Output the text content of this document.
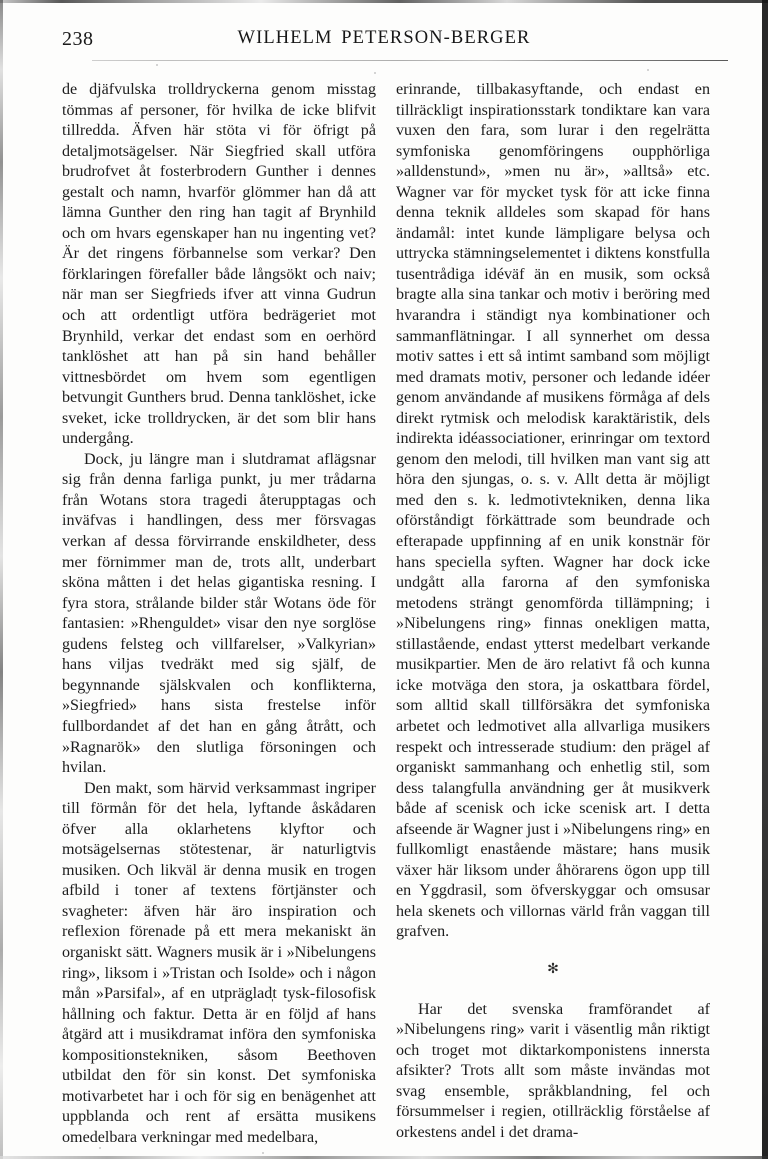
238	WILHELM PETERSON-BERGER

de djäfvulska trolldryckerna genom misstag tömmas af personer, för hvilka de icke blifvit tillredda. Äfven här stöta vi för öfrigt på detaljmotsägelser. När Siegfried skall utföra brudrofvet åt fosterbrodern Gunther i dennes gestalt och namn, hvarför glömmer han då att lämna Gunther den ring han tagit af Brynhild och om hvars egenskaper han nu ingenting vet? Är det ringens förbannelse som verkar? Den förklaringen förefaller både långsökt och naiv; när man ser Siegfrieds ifver att vinna Gudrun och att ordentligt utföra bedrägeriet mot Brynhild, verkar det endast som en oerhörd tanklöshet att han på sin hand behåller vittnesbördet om hvem som egentligen betvungit Gunthers brud. Denna tanklöshet, icke sveket, icke trolldrycken, är det som blir hans undergång.

Dock, ju längre man i slutdramat aflägsnar sig från denna farliga punkt, ju mer trådarna från Wotans stora tragedi återupptagas och inväfvas i handlingen, dess mer försvagas verkan af dessa förvirrande enskildheter, dess mer förnimmer man de, trots allt, underbart sköna måtten i det helas gigantiska resning. I fyra stora, strålande bilder står Wotans öde för fantasien: »Rhenguldet» visar den nye sorglöse gudens felsteg och villfarelser, »Valkyrian» hans viljas tvedräkt med sig själf, de begynnande själskvalen och konflikterna, »Siegfried» hans sista frestelse inför fullbordandet af det han en gång åtrått, och »Ragnarök» den slutliga försoningen och hvilan.

Den makt, som härvid verksammast ingriper till förmån för det hela, lyftande åskådaren öfver alla oklarhetens klyftor och motsägelsernas stötestenar, är naturligtvis musiken. Och likväl är denna musik en trogen afbild i toner af textens förtjänster och svagheter: äfven här äro inspiration och reflexion förenade på ett mera mekaniskt än organiskt sätt. Wagners musik är i »Nibelungens ring», liksom i »Tristan och Isolde» och i någon mån »Parsifal», af en utpräglad̩t tysk-filosofisk hållning och faktur. Detta är en följd af hans åtgärd att i musikdramat införa den symfoniska kompositionstekniken, såsom Beethoven utbildat den för sin konst. Det symfoniska motivarbetet har i och för sig en benägenhet att uppblanda och rent af ersätta musikens omedelbara verkningar med medelbara,

erinrande, tillbakasyftande, och endast en tillräckligt inspirationsstark tondiktare kan vara vuxen den fara, som lurar i den regelrätta symfoniska genomföringens oupphörliga »alldenstund», »men nu är», »alltså» etc. Wagner var för mycket tysk för att icke finna denna teknik alldeles som skapad för hans ändamål: intet kunde lämpligare belysa och uttrycka stämningselementet i diktens konstfulla tusentrådiga idéväf än en musik, som också bragte alla sina tankar och motiv i beröring med hvarandra i ständigt nya kombinationer och sammanflätningar. I all synnerhet om dessa motiv sattes i ett så intimt samband som möjligt med dramats motiv, personer och ledande idéer genom användande af musikens förmåga af dels direkt rytmisk och melodisk karaktäristik, dels indirekta idéassociationer, erinringar om textord genom den melodi, till hvilken man vant sig att höra den sjungas, o. s. v. Allt detta är möjligt med den s. k. ledmotivtekniken, denna lika oförståndigt förkättrade som beundrade och efterapade uppfinning af en unik konstnär för hans speciella syften. Wagner har dock icke undgått alla farorna af den symfoniska metodens strängt genomförda tillämpning; i »Nibelungens ring» finnas onekligen matta, stillastående, endast ytterst medelbart verkande musikpartier. Men de äro relativt få och kunna icke motväga den stora, ja oskattbara fördel, som alltid skall tillförsäkra det symfoniska arbetet och ledmotivet alla allvarliga musikers respekt och intresserade studium: den prägel af organiskt sammanhang och enhetlig stil, som dess talangfulla användning ger åt musikverk både af scenisk och icke scenisk art. I detta afseende är Wagner just i »Nibelungens ring» en fullkomligt enastående mästare; hans musik växer här liksom under åhörarens ögon upp till en Yggdrasil, som öfverskyggar och omsusar hela skenets och villornas värld från vaggan till grafven.

✻

Har det svenska framförandet af »Nibelungens ring» varit i väsentlig mån riktigt och troget mot diktarkomponistens innersta afsikter? Trots allt som måste invändas mot svag ensemble, språkblandning, fel och försummelser i regien, otillräcklig förståelse af orkestens andel i det drama-
